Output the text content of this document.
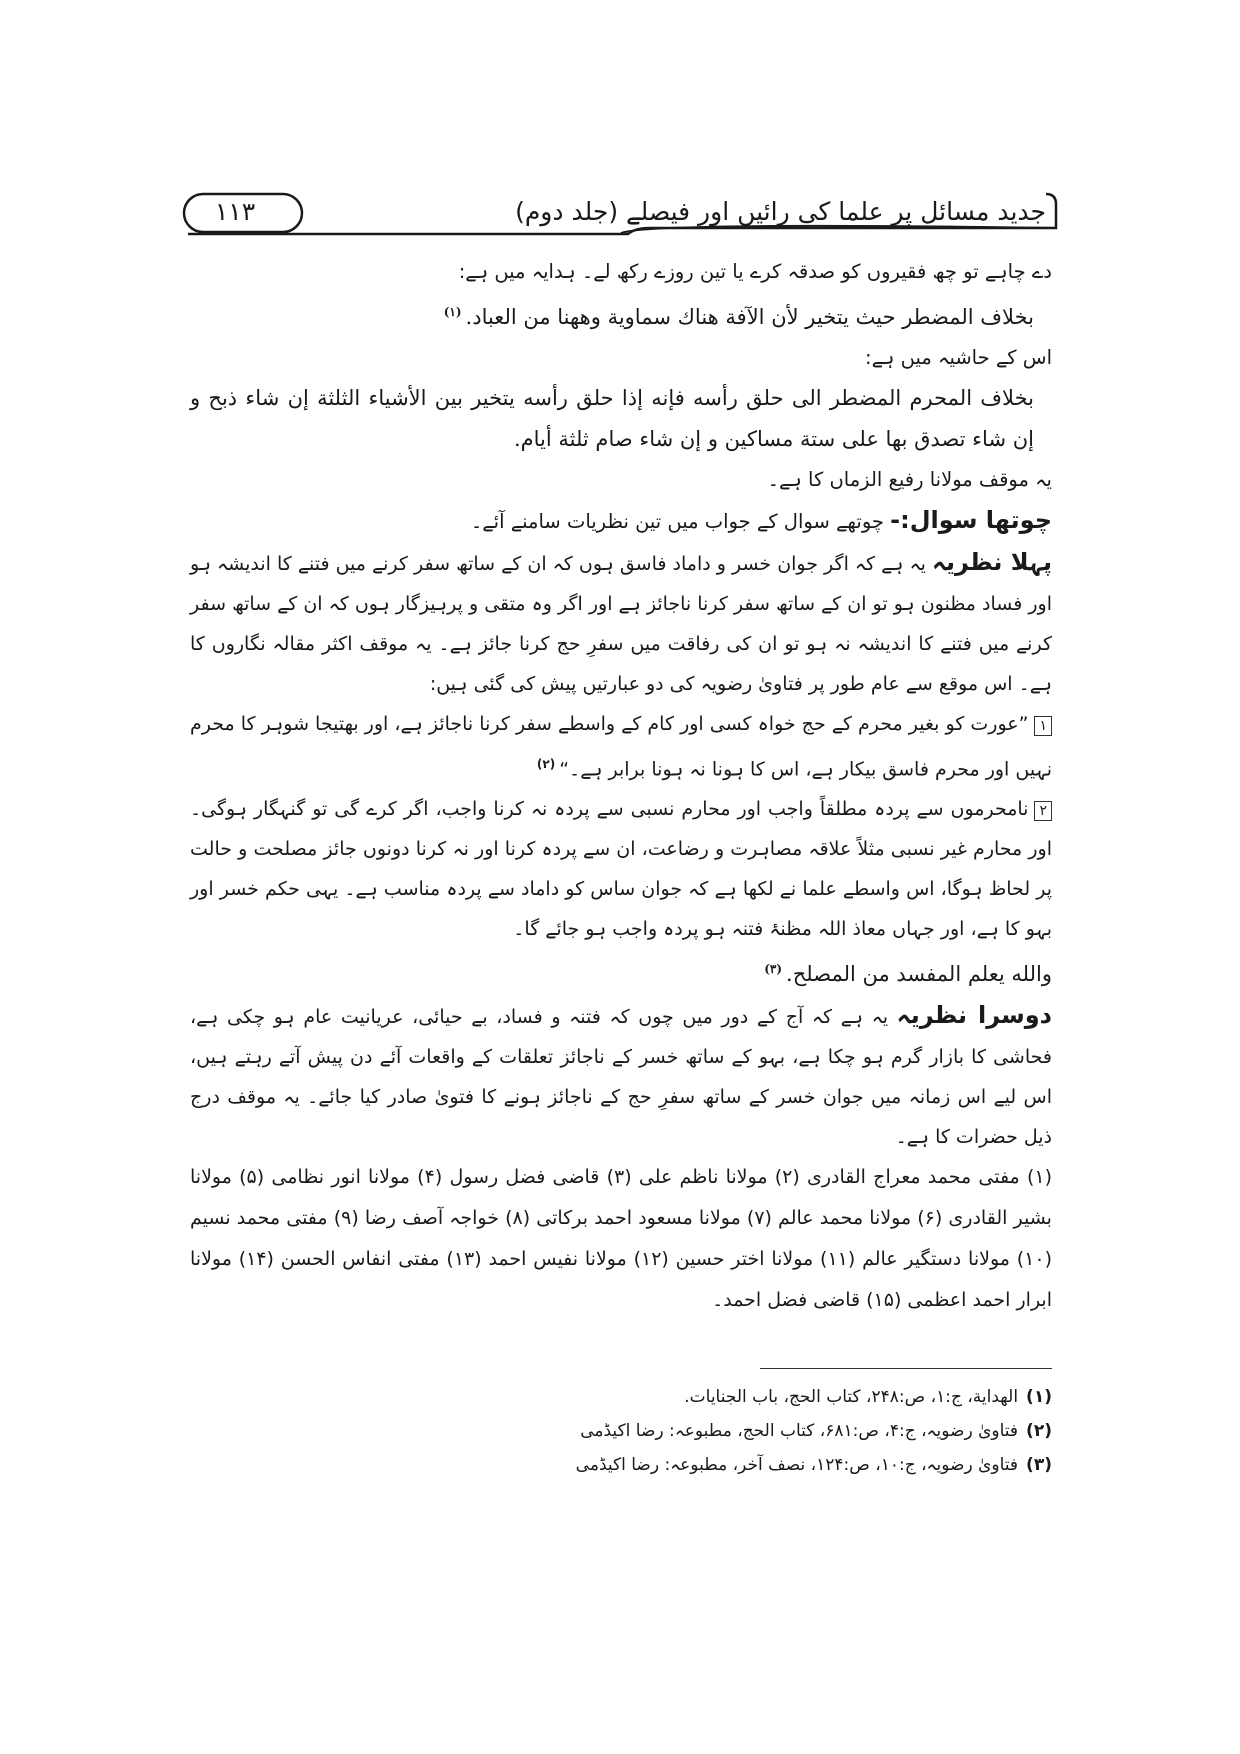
جدید مسائل پر علما کی رائیں اور فیصلے (جلد دوم)
۱۱۳

دے چاہے تو چھ فقیروں کو صدقہ کرے یا تین روزے رکھ لے۔ ہدایہ میں ہے:

بخلاف المضطر حيث يتخير لأن الآفة هناك سماوية وههنا من العباد.$^{(۱)}$

اس کے حاشیہ میں ہے:

بخلاف المحرم المضطر الى حلق رأسه فإنه إذا حلق رأسه يتخير بين الأشياء الثلثة إن شاء ذبح و إن شاء تصدق بها على ستة مساكين و إن شاء صام ثلثة أيام.

یہ موقف مولانا رفیع الزماں کا ہے۔

چوتھا سوال:- چوتھے سوال کے جواب میں تین نظریات سامنے آئے۔

پہلا نظریہ یہ ہے کہ اگر جوان خسر و داماد فاسق ہوں کہ ان کے ساتھ سفر کرنے میں فتنے کا اندیشہ ہو اور فساد مظنون ہو تو ان کے ساتھ سفر کرنا ناجائز ہے اور اگر وہ متقی و پرہیزگار ہوں کہ ان کے ساتھ سفر کرنے میں فتنے کا اندیشہ نہ ہو تو ان کی رفاقت میں سفرِ حج کرنا جائز ہے۔ یہ موقف اکثر مقالہ نگاروں کا ہے۔ اس موقع سے عام طور پر فتاویٰ رضویہ کی دو عبارتیں پیش کی گئی ہیں:

۱”عورت کو بغیر محرم کے حج خواہ کسی اور کام کے واسطے سفر کرنا ناجائز ہے، اور بھتیجا شوہر کا محرم نہیں اور محرم فاسق بیکار ہے، اس کا ہونا نہ ہونا برابر ہے۔“$^{(۲)}$

۲نامحرموں سے پردہ مطلقاً واجب اور محارم نسبی سے پردہ نہ کرنا واجب، اگر کرے گی تو گنہگار ہوگی۔ اور محارم غیر نسبی مثلاً علاقہ مصاہرت و رضاعت، ان سے پردہ کرنا اور نہ کرنا دونوں جائز مصلحت و حالت پر لحاظ ہوگا، اس واسطے علما نے لکھا ہے کہ جوان ساس کو داماد سے پردہ مناسب ہے۔ یہی حکم خسر اور بہو کا ہے، اور جہاں معاذ اللہ مظنۂ فتنہ ہو پردہ واجب ہو جائے گا۔

والله يعلم المفسد من المصلح.$^{(۳)}$

دوسرا نظریہ یہ ہے کہ آج کے دور میں چوں کہ فتنہ و فساد، بے حیائی، عریانیت عام ہو چکی ہے، فحاشی کا بازار گرم ہو چکا ہے، بہو کے ساتھ خسر کے ناجائز تعلقات کے واقعات آئے دن پیش آتے رہتے ہیں، اس لیے اس زمانہ میں جوان خسر کے ساتھ سفرِ حج کے ناجائز ہونے کا فتویٰ صادر کیا جائے۔ یہ موقف درج ذیل حضرات کا ہے۔

(۱) مفتی محمد معراج القادری (۲) مولانا ناظم علی (۳) قاضی فضل رسول (۴) مولانا انور نظامی (۵) مولانا بشیر القادری (۶) مولانا محمد عالم (۷) مولانا مسعود احمد برکاتی (۸) خواجہ آصف رضا (۹) مفتی محمد نسیم (۱۰) مولانا دستگیر عالم (۱۱) مولانا اختر حسین (۱۲) مولانا نفیس احمد (۱۳) مفتی انفاس الحسن (۱۴) مولانا ابرار احمد اعظمی (۱۵) قاضی فضل احمد۔

(۱)الهداية، ج:۱، ص:۲۴۸، كتاب الحج، باب الجنايات.
(۲)فتاویٰ رضویہ، ج:۴، ص:۶۸۱، كتاب الحج، مطبوعہ: رضا اکیڈمی
(۳)فتاویٰ رضویہ، ج:۱۰، ص:۱۲۴، نصف آخر، مطبوعہ: رضا اکیڈمی
